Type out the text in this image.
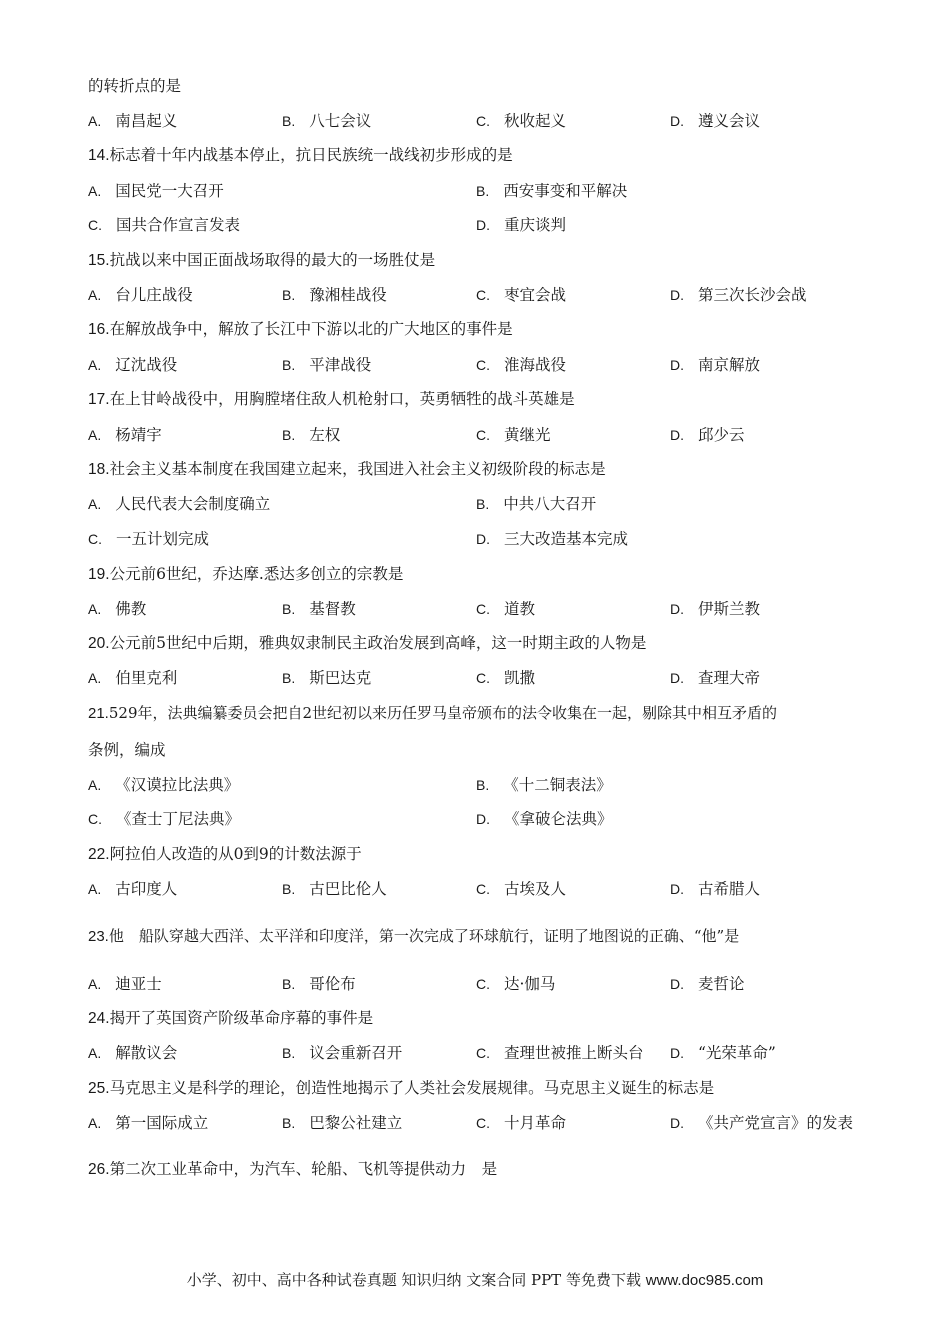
的转折点的是
A. 南昌起义	B. 八七会议	C. 秋收起义	D. 遵义会议
14.标志着十年内战基本停止，抗日民族统一战线初步形成的是
A. 国民党一大召开	B. 西安事变和平解决
C. 国共合作宣言发表	D. 重庆谈判
15.抗战以来中国正面战场取得的最大的一场胜仗是
A. 台儿庄战役	B. 豫湘桂战役	C. 枣宜会战	D. 第三次长沙会战
16.在解放战争中，解放了长江中下游以北的广大地区的事件是
A. 辽沈战役	B. 平津战役	C. 淮海战役	D. 南京解放
17.在上甘岭战役中，用胸膛堵住敌人机枪射口，英勇牺牲的战斗英雄是
A. 杨靖宇	B. 左权	C. 黄继光	D. 邱少云
18.社会主义基本制度在我国建立起来，我国进入社会主义初级阶段的标志是
A. 人民代表大会制度确立	B. 中共八大召开
C. 一五计划完成	D. 三大改造基本完成
19.公元前6世纪，乔达摩.悉达多创立的宗教是
A. 佛教	B. 基督教	C. 道教	D. 伊斯兰教
20.公元前5世纪中后期，雅典奴隶制民主政治发展到高峰，这一时期主政的人物是
A. 伯里克利	B. 斯巴达克	C. 凯撒	D. 查理大帝
21.529年，法典编纂委员会把自2世纪初以来历任罗马皇帝颁布的法令收集在一起，剔除其中相互矛盾的
条例，编成
A. 《汉谟拉比法典》	B. 《十二铜表法》
C. 《查士丁尼法典》	D. 《拿破仑法典》
22.阿拉伯人改造的从0到9的计数法源于
A. 古印度人	B. 古巴比伦人	C. 古埃及人	D. 古希腊人
23.他　船队穿越大西洋、太平洋和印度洋，第一次完成了环球航行，证明了地图说的正确、“他”是
A. 迪亚士	B. 哥伦布	C. 达·伽马	D. 麦哲论
24.揭开了英国资产阶级革命序幕的事件是
A. 解散议会	B. 议会重新召开	C. 查理世被推上断头台 D. “光荣革命”
25.马克思主义是科学的理论，创造性地揭示了人类社会发展规律。马克思主义诞生的标志是
A. 第一国际成立	B. 巴黎公社建立	C. 十月革命	D. 《共产党宣言》的发表
26.第二次工业革命中，为汽车、轮船、飞机等提供动力　是
小学、初中、高中各种试卷真题 知识归纳 文案合同 PPT 等免费下载 www.doc985.com
